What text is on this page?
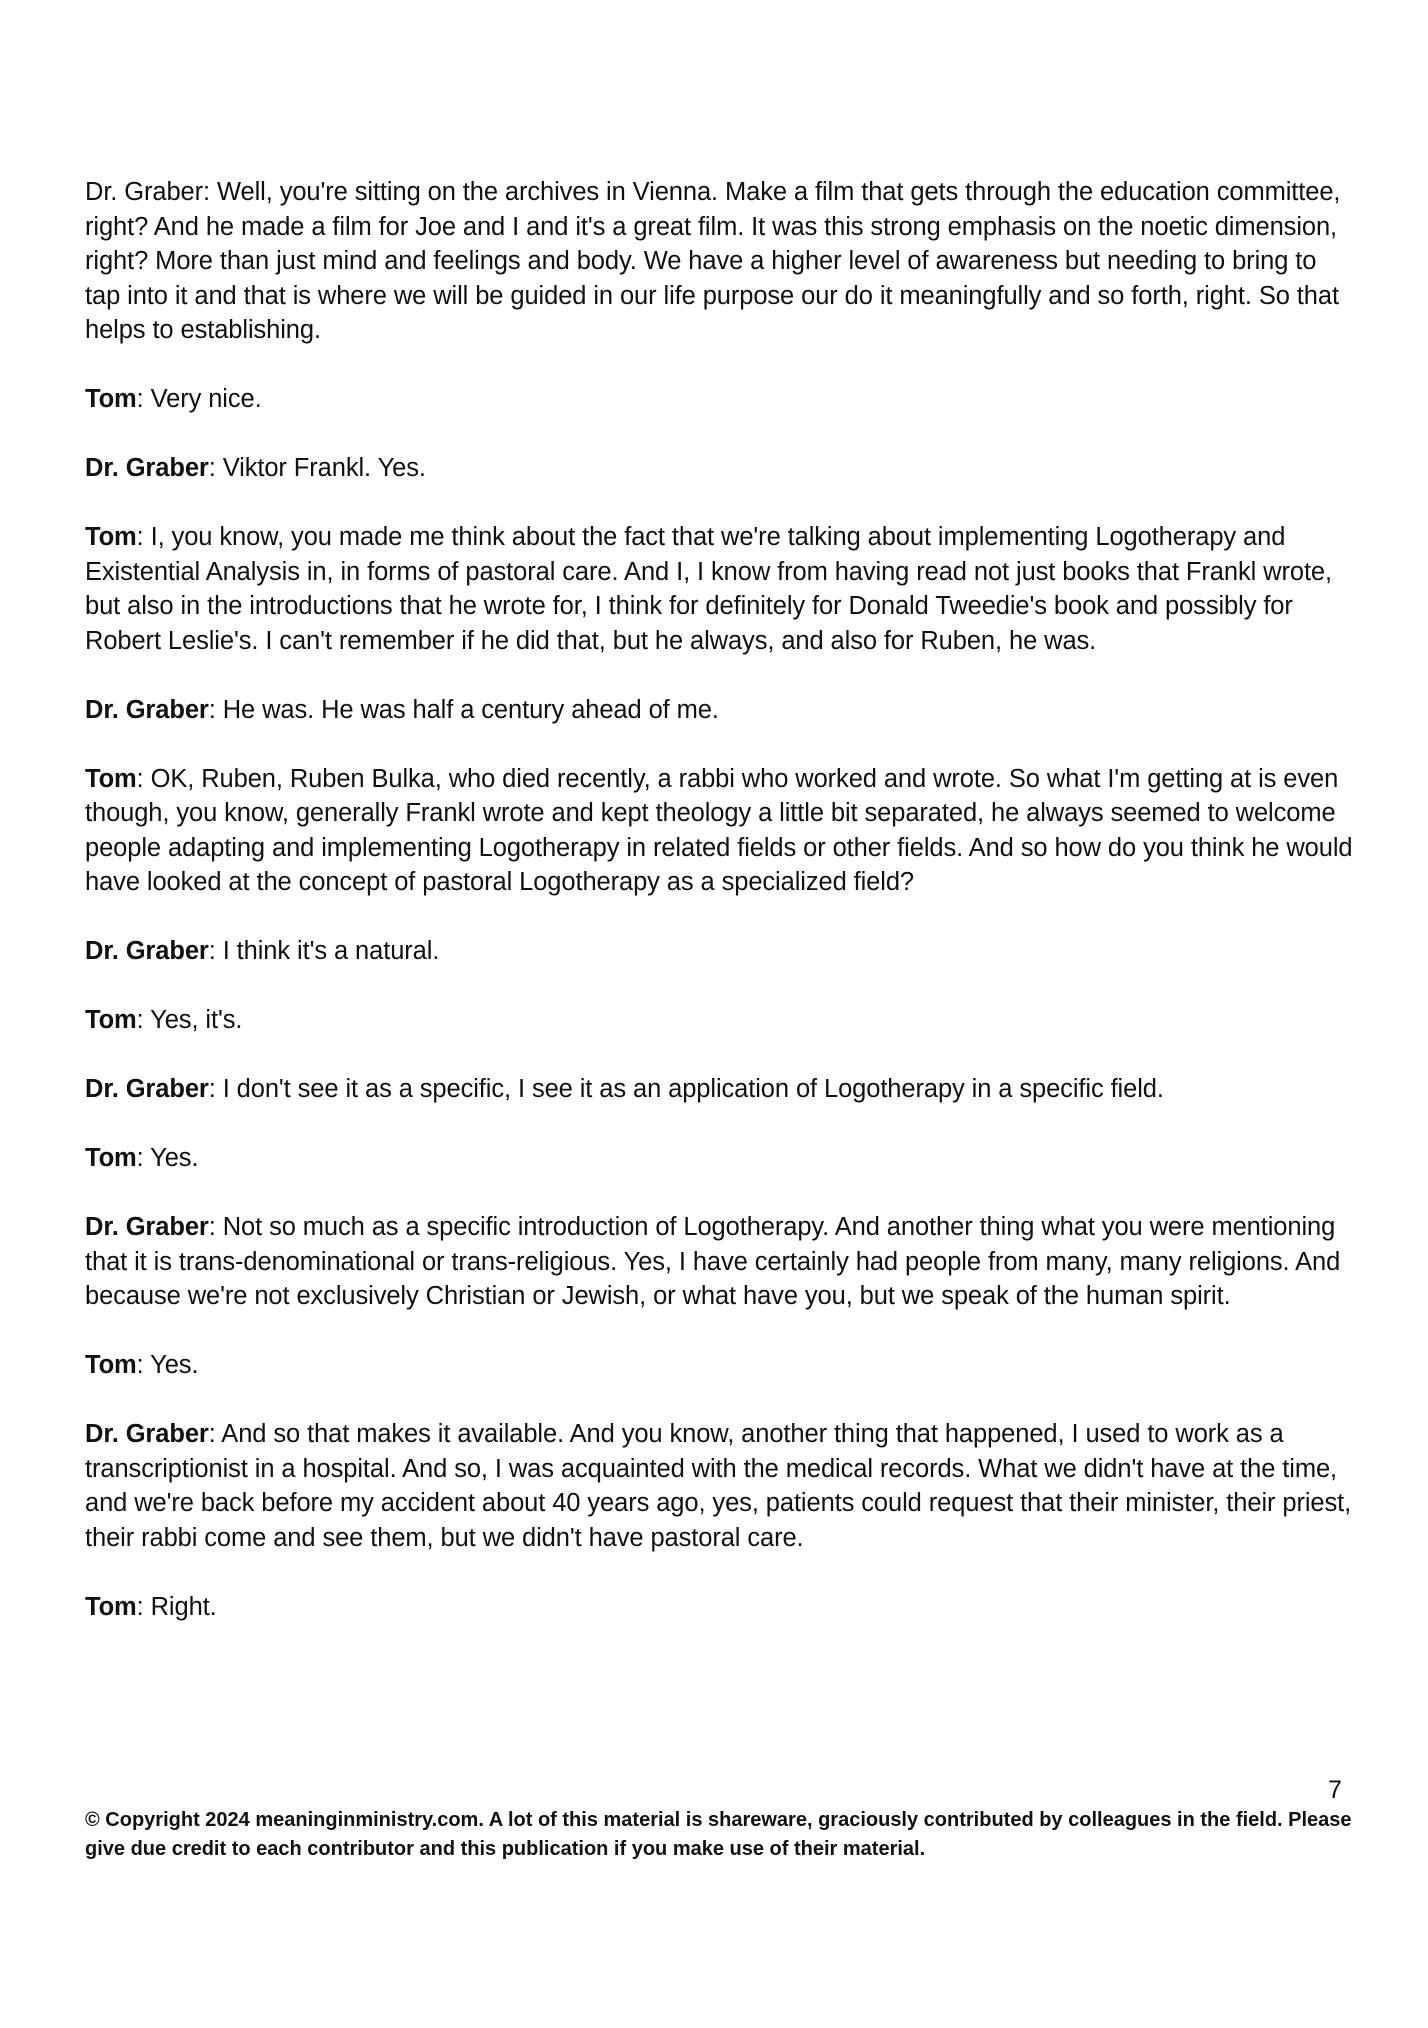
Dr. Graber: Well, you're sitting on the archives in Vienna. Make a film that gets through the education committee, right? And he made a film for Joe and I and it's a great film. It was this strong emphasis on the noetic dimension, right? More than just mind and feelings and body. We have a higher level of awareness but needing to bring to tap into it and that is where we will be guided in our life purpose our do it meaningfully and so forth, right. So that helps to establishing.

Tom: Very nice.

Dr. Graber: Viktor Frankl. Yes.

Tom: I, you know, you made me think about the fact that we're talking about implementing Logotherapy and Existential Analysis in, in forms of pastoral care. And I, I know from having read not just books that Frankl wrote, but also in the introductions that he wrote for, I think for definitely for Donald Tweedie's book and possibly for Robert Leslie's. I can't remember if he did that, but he always, and also for Ruben, he was.

Dr. Graber: He was. He was half a century ahead of me.

Tom: OK, Ruben, Ruben Bulka, who died recently, a rabbi who worked and wrote. So what I'm getting at is even though, you know, generally Frankl wrote and kept theology a little bit separated, he always seemed to welcome people adapting and implementing Logotherapy in related fields or other fields. And so how do you think he would have looked at the concept of pastoral Logotherapy as a specialized field?

Dr. Graber: I think it's a natural.

Tom: Yes, it's.

Dr. Graber: I don't see it as a specific, I see it as an application of Logotherapy in a specific field.

Tom: Yes.

Dr. Graber: Not so much as a specific introduction of Logotherapy. And another thing what you were mentioning that it is trans-denominational or trans-religious. Yes, I have certainly had people from many, many religions. And because we're not exclusively Christian or Jewish, or what have you, but we speak of the human spirit.

Tom: Yes.

Dr. Graber: And so that makes it available. And you know, another thing that happened, I used to work as a transcriptionist in a hospital. And so, I was acquainted with the medical records. What we didn't have at the time, and we're back before my accident about 40 years ago, yes, patients could request that their minister, their priest, their rabbi come and see them, but we didn't have pastoral care.

Tom: Right.

7
© Copyright 2024 meaninginministry.com. A lot of this material is shareware, graciously contributed by colleagues in the field. Please give due credit to each contributor and this publication if you make use of their material.
